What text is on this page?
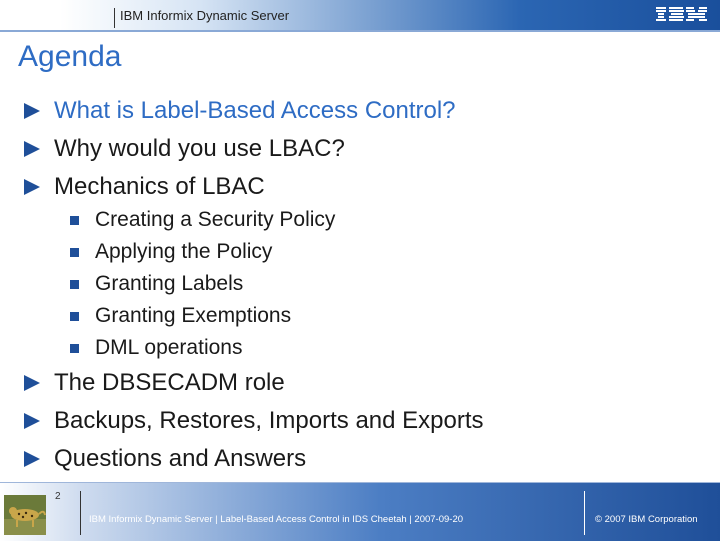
IBM Informix Dynamic Server
Agenda
What is Label-Based Access Control?
Why would you use LBAC?
Mechanics of LBAC
Creating a Security Policy
Applying the Policy
Granting Labels
Granting Exemptions
DML operations
The DBSECADM role
Backups, Restores, Imports and Exports
Questions and Answers
2
IBM Informix Dynamic Server | Label-Based Access Control in IDS Cheetah | 2007-09-20	© 2007 IBM Corporation
